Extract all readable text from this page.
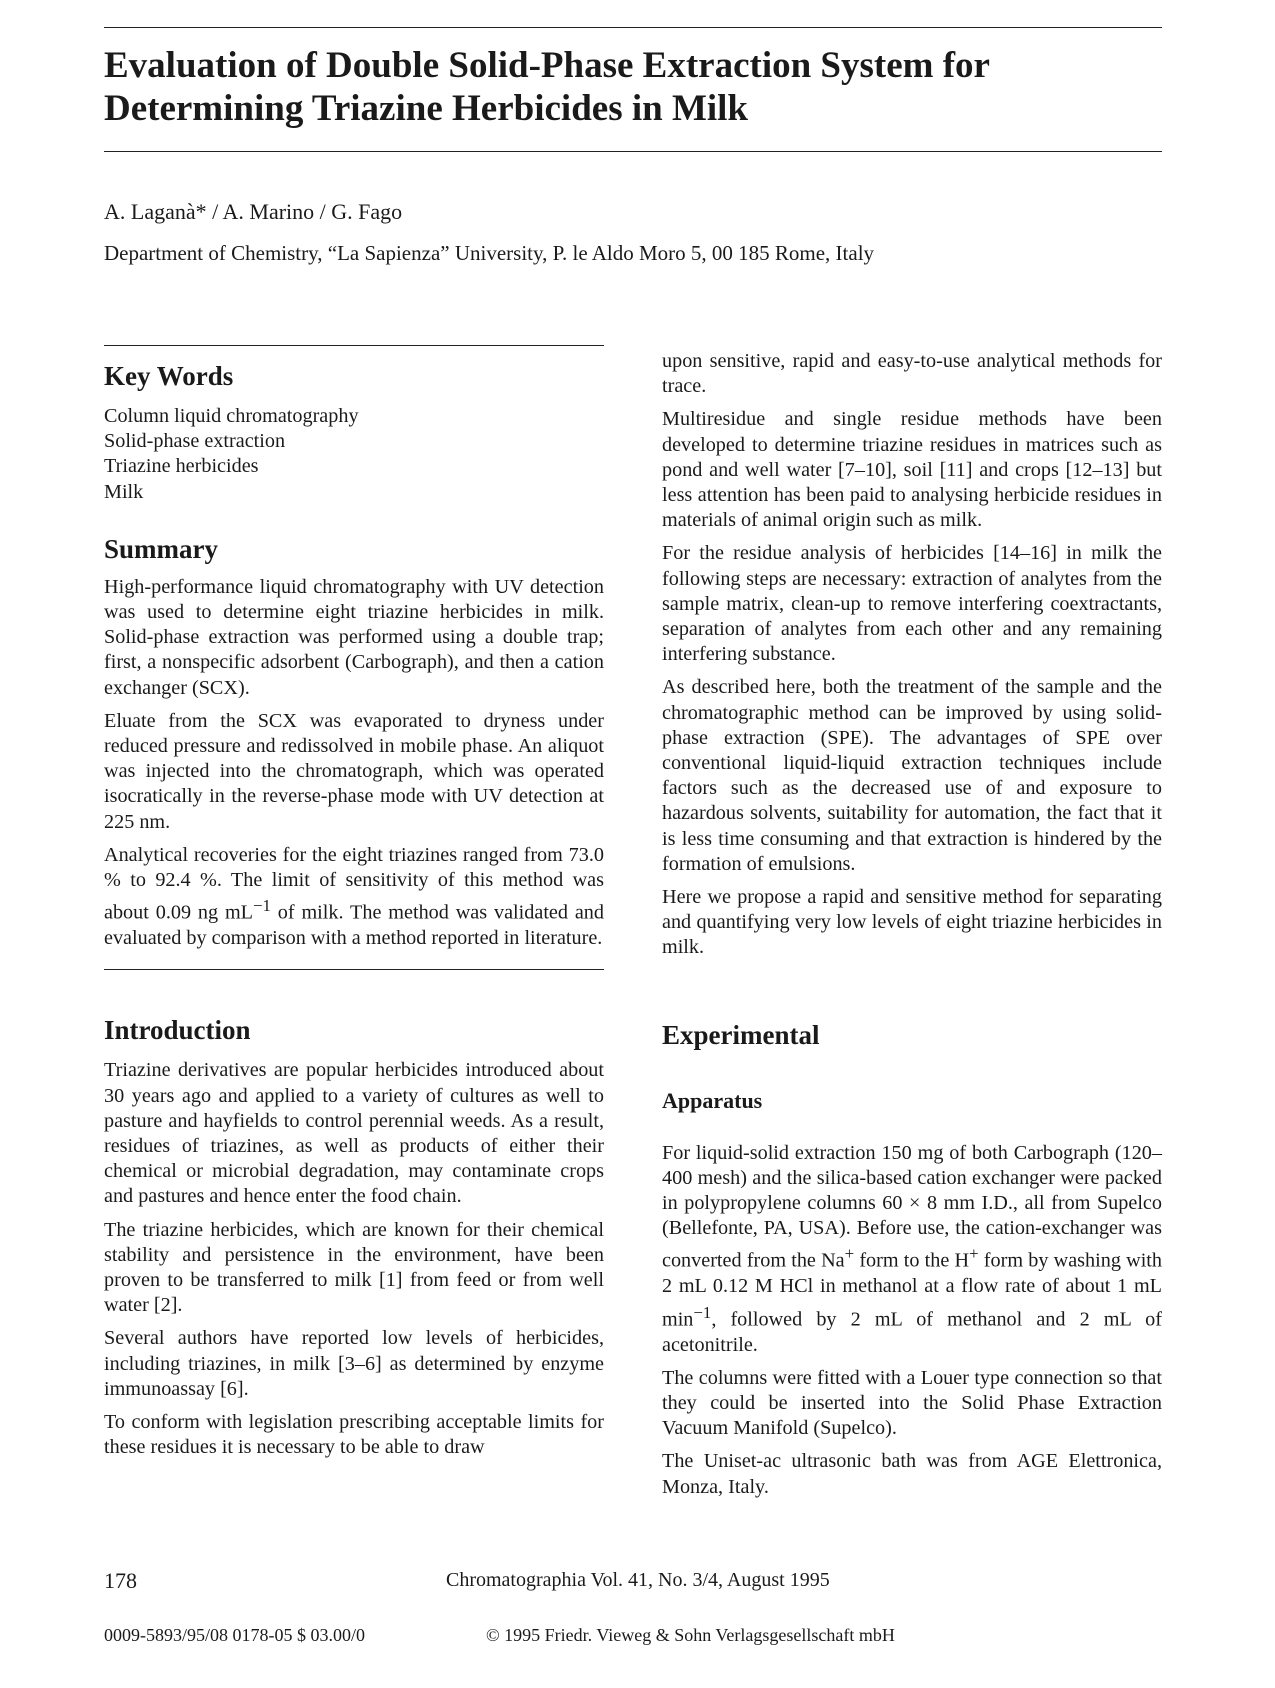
Evaluation of Double Solid-Phase Extraction System for
Determining Triazine Herbicides in Milk
A. Laganà* / A. Marino / G. Fago
Department of Chemistry, “La Sapienza” University, P. le Aldo Moro 5, 00 185 Rome, Italy
Key Words
Column liquid chromatography
Solid-phase extraction
Triazine herbicides
Milk
Summary

High-performance liquid chromatography with UV detection was used to determine eight triazine herbicides in milk. Solid-phase extraction was performed using a double trap; first, a nonspecific adsorbent (Carbograph), and then a cation exchanger (SCX).

Eluate from the SCX was evaporated to dryness under reduced pressure and redissolved in mobile phase. An aliquot was injected into the chromatograph, which was operated isocratically in the reverse-phase mode with UV detection at 225 nm.

Analytical recoveries for the eight triazines ranged from 73.0 % to 92.4 %. The limit of sensitivity of this method was about 0.09 ng $mL^{-1}$ of milk. The method was validated and evaluated by comparison with a method reported in literature.

Introduction

Triazine derivatives are popular herbicides introduced about 30 years ago and applied to a variety of cultures as well to pasture and hayfields to control perennial weeds. As a result, residues of triazines, as well as products of either their chemical or microbial degradation, may contaminate crops and pastures and hence enter the food chain.

The triazine herbicides, which are known for their chemical stability and persistence in the environment, have been proven to be transferred to milk [1] from feed or from well water [2].

Several authors have reported low levels of herbicides, including triazines, in milk [3–6] as determined by enzyme immunoassay [6].

To conform with legislation prescribing acceptable limits for these residues it is necessary to be able to draw

upon sensitive, rapid and easy-to-use analytical methods for trace.

Multiresidue and single residue methods have been developed to determine triazine residues in matrices such as pond and well water [7–10], soil [11] and crops [12–13] but less attention has been paid to analysing herbicide residues in materials of animal origin such as milk.

For the residue analysis of herbicides [14–16] in milk the following steps are necessary: extraction of analytes from the sample matrix, clean-up to remove interfering coextractants, separation of analytes from each other and any remaining interfering substance.

As described here, both the treatment of the sample and the chromatographic method can be improved by using solid-phase extraction (SPE). The advantages of SPE over conventional liquid-liquid extraction techniques include factors such as the decreased use of and exposure to hazardous solvents, suitability for automation, the fact that it is less time consuming and that extraction is hindered by the formation of emulsions.

Here we propose a rapid and sensitive method for separating and quantifying very low levels of eight triazine herbicides in milk.

Experimental
Apparatus

For liquid-solid extraction 150 mg of both Carbograph (120–400 mesh) and the silica-based cation exchanger were packed in polypropylene columns 60 × 8 mm I.D., all from Supelco (Bellefonte, PA, USA). Before use, the cation-exchanger was converted from the Na+ form to the H+ form by washing with 2 mL 0.12 M HCl in methanol at a flow rate of about 1 mL $\min^{-1}$, followed by 2 mL of methanol and 2 mL of acetonitrile.

The columns were fitted with a Louer type connection so that they could be inserted into the Solid Phase Extraction Vacuum Manifold (Supelco).

The Uniset-ac ultrasonic bath was from AGE Elettronica, Monza, Italy.

178	Chromatographia Vol. 41, No. 3/4, August 1995
0009-5893/95/08 0178-05 $ 03.00/0	© 1995 Friedr. Vieweg & Sohn Verlagsgesellschaft mbH
